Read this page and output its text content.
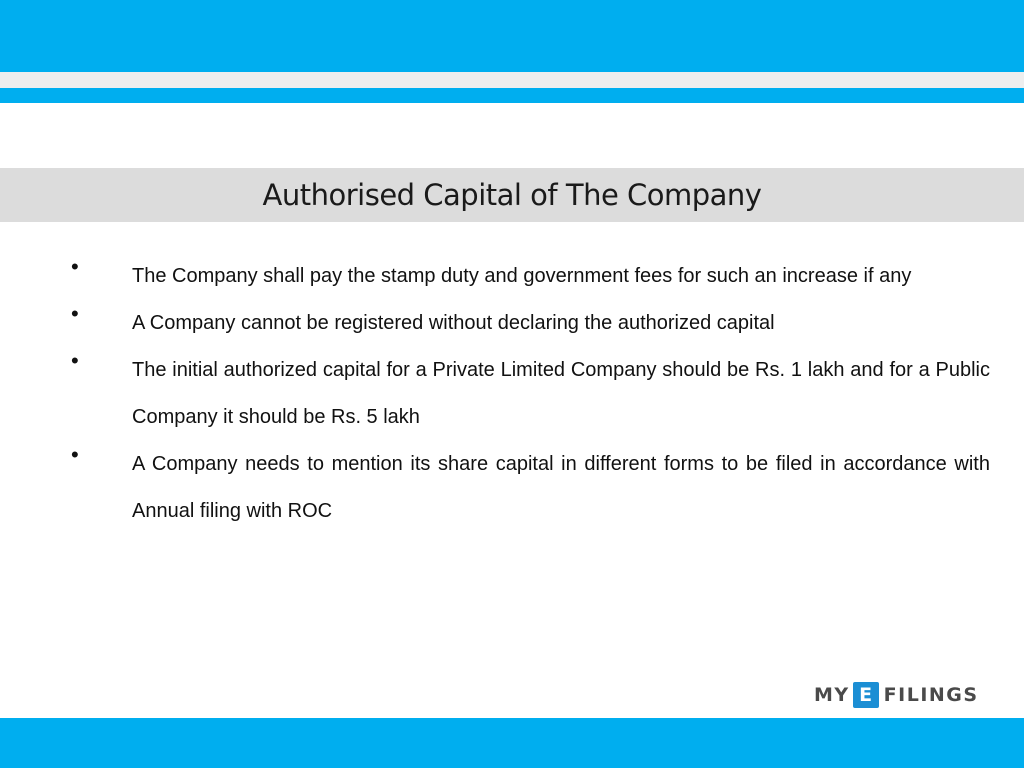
Authorised Capital of The Company
•	The Company shall pay the stamp duty and government fees for such an increase if any
•	A Company cannot be registered without declaring the authorized capital
•	The initial authorized capital for a Private Limited Company should be Rs. 1 lakh and for a Public Company it should be Rs. 5 lakh
•	A Company needs to mention its share capital in different forms to be filed in accordance with Annual filing with ROC
MY E FILINGS
